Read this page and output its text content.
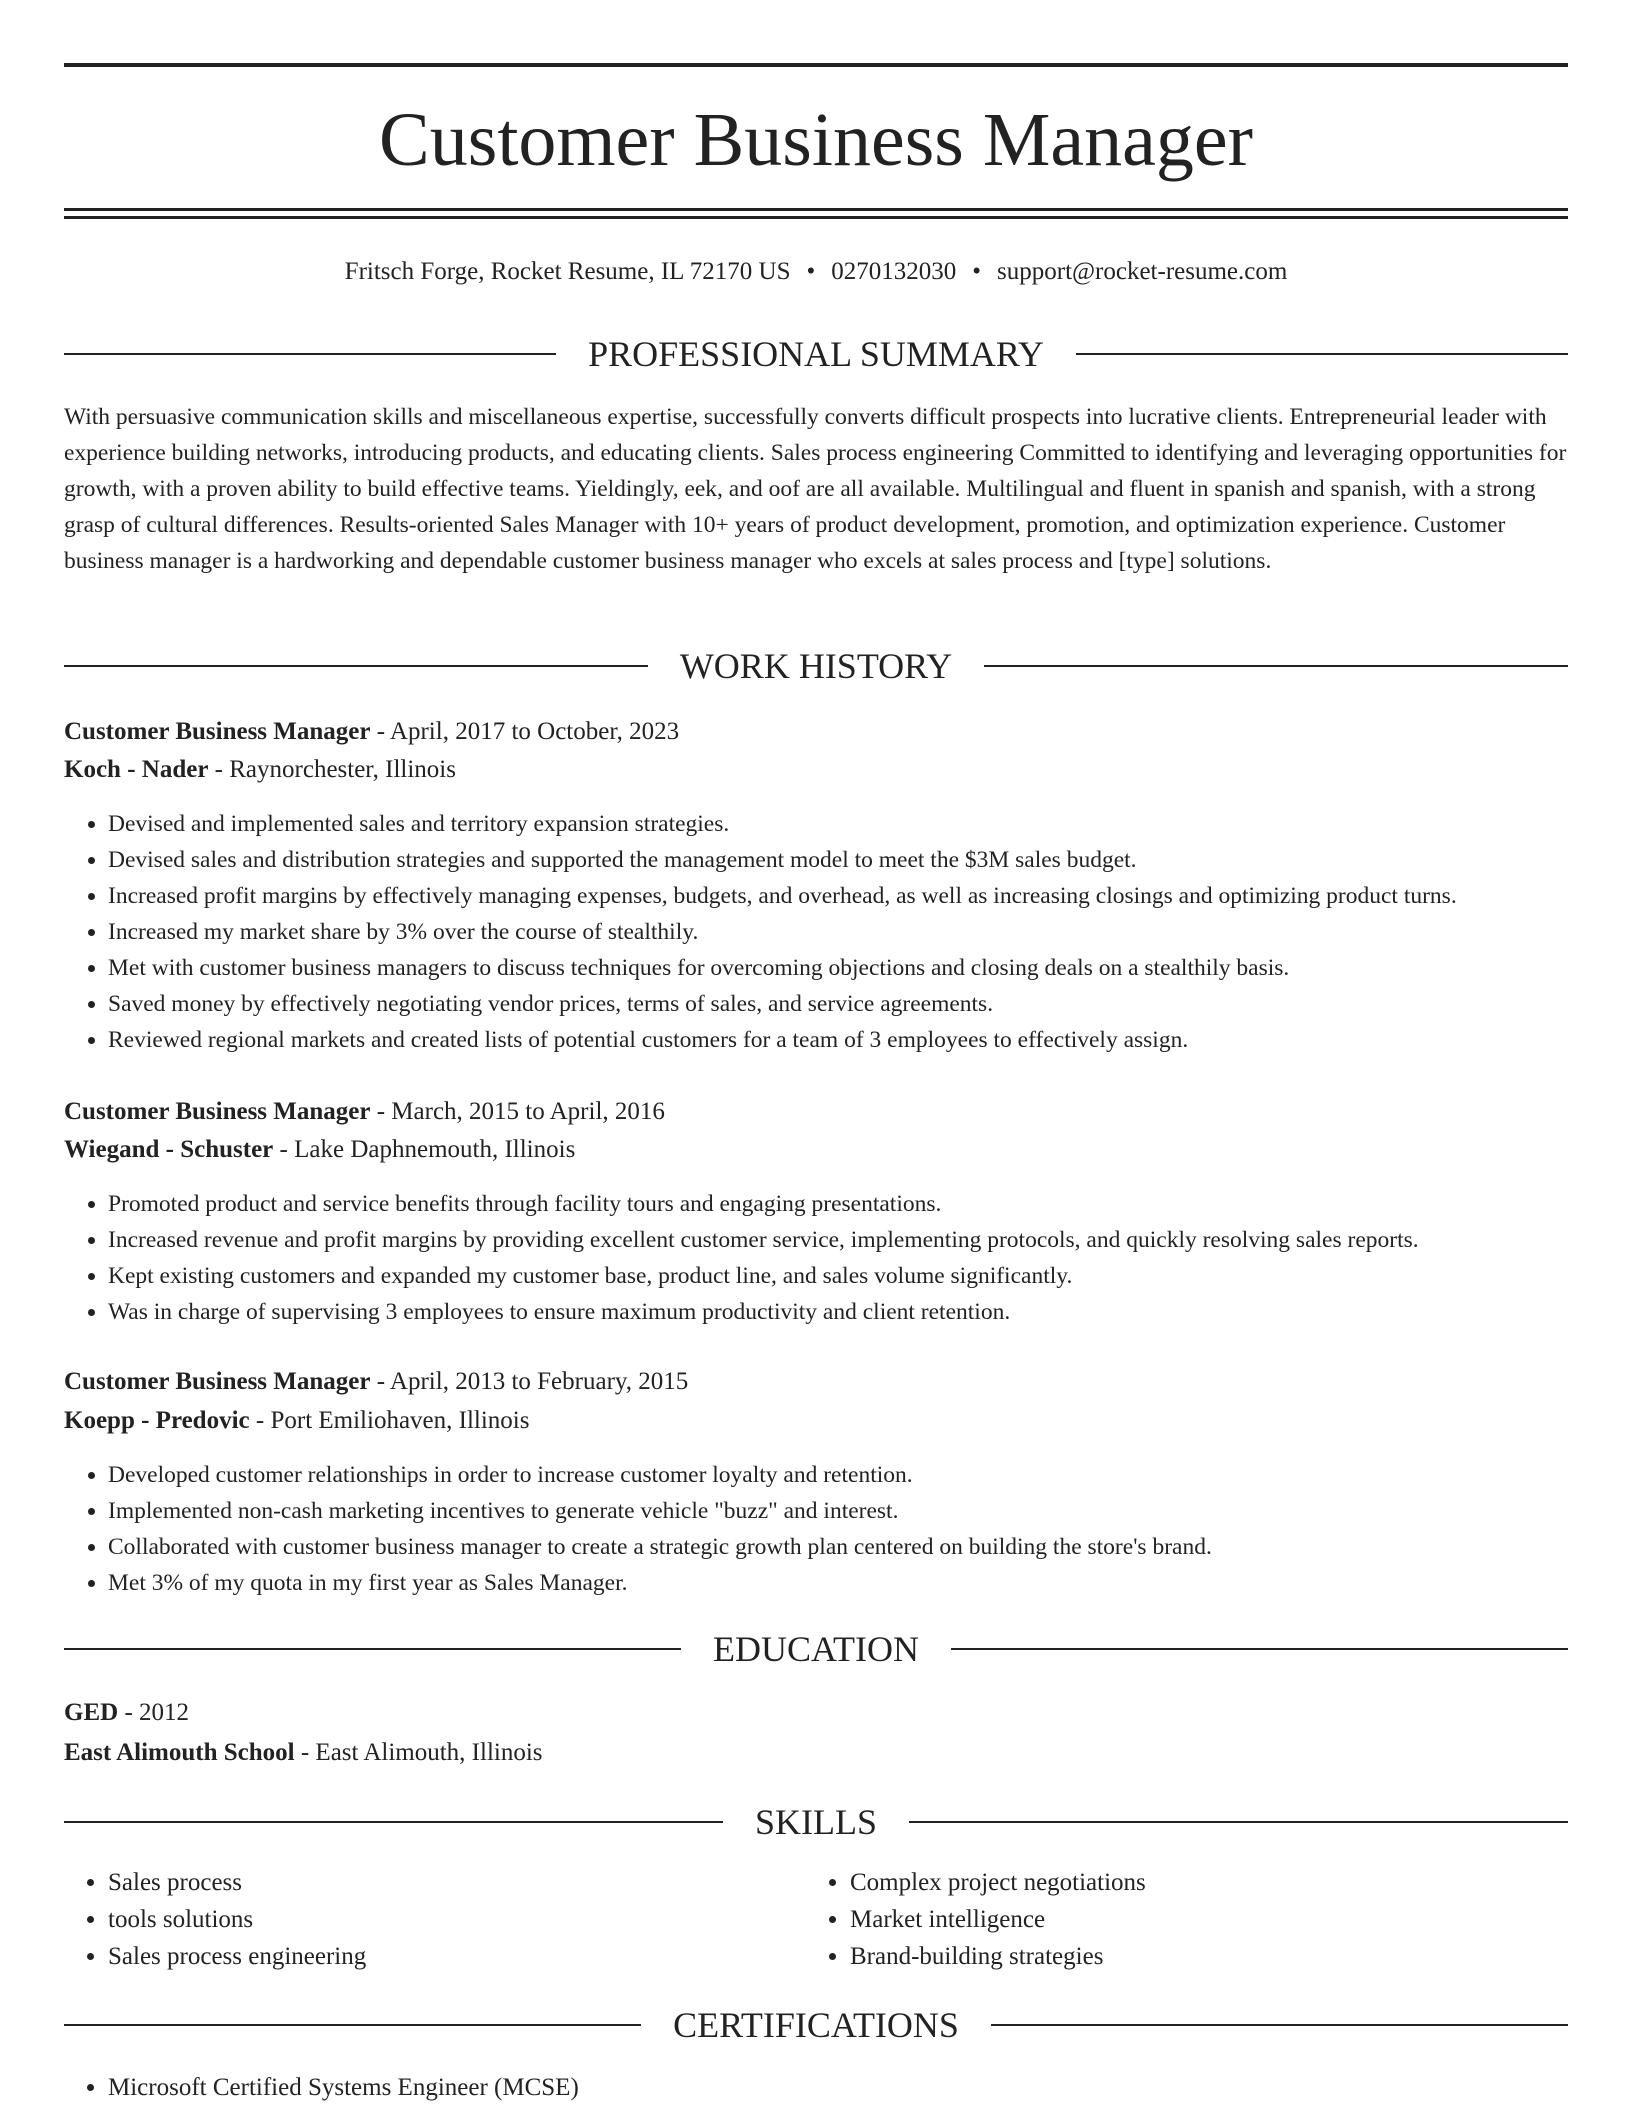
Customer Business Manager
Fritsch Forge, Rocket Resume, IL 72170 US • 0270132030 • support@rocket-resume.com
PROFESSIONAL SUMMARY

With persuasive communication skills and miscellaneous expertise, successfully converts difficult prospects into lucrative clients. Entrepreneurial leader with experience building networks, introducing products, and educating clients. Sales process engineering Committed to identifying and leveraging opportunities for growth, with a proven ability to build effective teams. Yieldingly, eek, and oof are all available. Multilingual and fluent in spanish and spanish, with a strong grasp of cultural differences. Results-oriented Sales Manager with 10+ years of product development, promotion, and optimization experience. Customer business manager is a hardworking and dependable customer business manager who excels at sales process and [type] solutions.

WORK HISTORY
Customer Business Manager - April, 2017 to October, 2023
Koch - Nader - Raynorchester, Illinois
• Devised and implemented sales and territory expansion strategies.
• Devised sales and distribution strategies and supported the management model to meet the $3M sales budget.
• Increased profit margins by effectively managing expenses, budgets, and overhead, as well as increasing closings and optimizing product turns.
• Increased my market share by 3% over the course of stealthily.
• Met with customer business managers to discuss techniques for overcoming objections and closing deals on a stealthily basis.
• Saved money by effectively negotiating vendor prices, terms of sales, and service agreements.
• Reviewed regional markets and created lists of potential customers for a team of 3 employees to effectively assign.
Customer Business Manager - March, 2015 to April, 2016
Wiegand - Schuster - Lake Daphnemouth, Illinois
• Promoted product and service benefits through facility tours and engaging presentations.
• Increased revenue and profit margins by providing excellent customer service, implementing protocols, and quickly resolving sales reports.
• Kept existing customers and expanded my customer base, product line, and sales volume significantly.
• Was in charge of supervising 3 employees to ensure maximum productivity and client retention.
Customer Business Manager - April, 2013 to February, 2015
Koepp - Predovic - Port Emiliohaven, Illinois
• Developed customer relationships in order to increase customer loyalty and retention.
• Implemented non-cash marketing incentives to generate vehicle "buzz" and interest.
• Collaborated with customer business manager to create a strategic growth plan centered on building the store's brand.
• Met 3% of my quota in my first year as Sales Manager.
EDUCATION
GED - 2012
East Alimouth School - East Alimouth, Illinois
SKILLS
• Sales process
• tools solutions
• Sales process engineering
• Complex project negotiations
• Market intelligence
• Brand-building strategies
CERTIFICATIONS
• Microsoft Certified Systems Engineer (MCSE)
